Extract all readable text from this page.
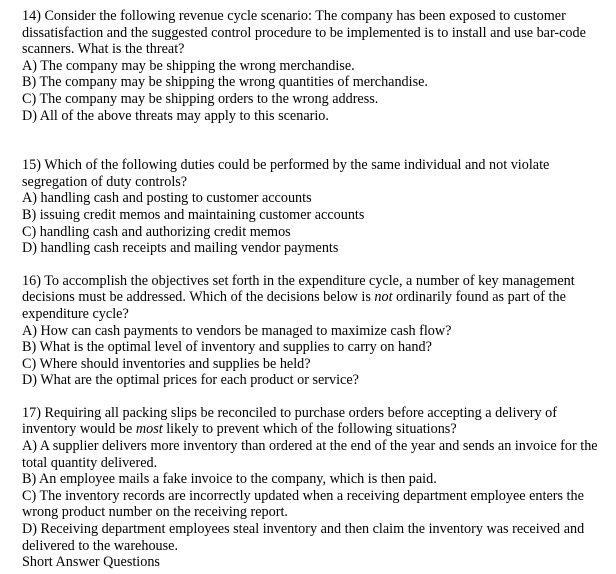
14) Consider the following revenue cycle scenario: The company has been exposed to customer dissatisfaction and the suggested control procedure to be implemented is to install and use bar-code scanners. What is the threat?

A) The company may be shipping the wrong merchandise.

B) The company may be shipping the wrong quantities of merchandise.

C) The company may be shipping orders to the wrong address.

D) All of the above threats may apply to this scenario.

15) Which of the following duties could be performed by the same individual and not violate segregation of duty controls?

A) handling cash and posting to customer accounts

B) issuing credit memos and maintaining customer accounts

C) handling cash and authorizing credit memos

D) handling cash receipts and mailing vendor payments

16) To accomplish the objectives set forth in the expenditure cycle, a number of key management decisions must be addressed. Which of the decisions below is not ordinarily found as part of the expenditure cycle?

A) How can cash payments to vendors be managed to maximize cash flow?

B) What is the optimal level of inventory and supplies to carry on hand?

C) Where should inventories and supplies be held?

D) What are the optimal prices for each product or service?

17) Requiring all packing slips be reconciled to purchase orders before accepting a delivery of inventory would be most likely to prevent which of the following situations?

A) A supplier delivers more inventory than ordered at the end of the year and sends an invoice for the total quantity delivered.

B) An employee mails a fake invoice to the company, which is then paid.

C) The inventory records are incorrectly updated when a receiving department employee enters the wrong product number on the receiving report.

D) Receiving department employees steal inventory and then claim the inventory was received and delivered to the warehouse.

Short Answer Questions
